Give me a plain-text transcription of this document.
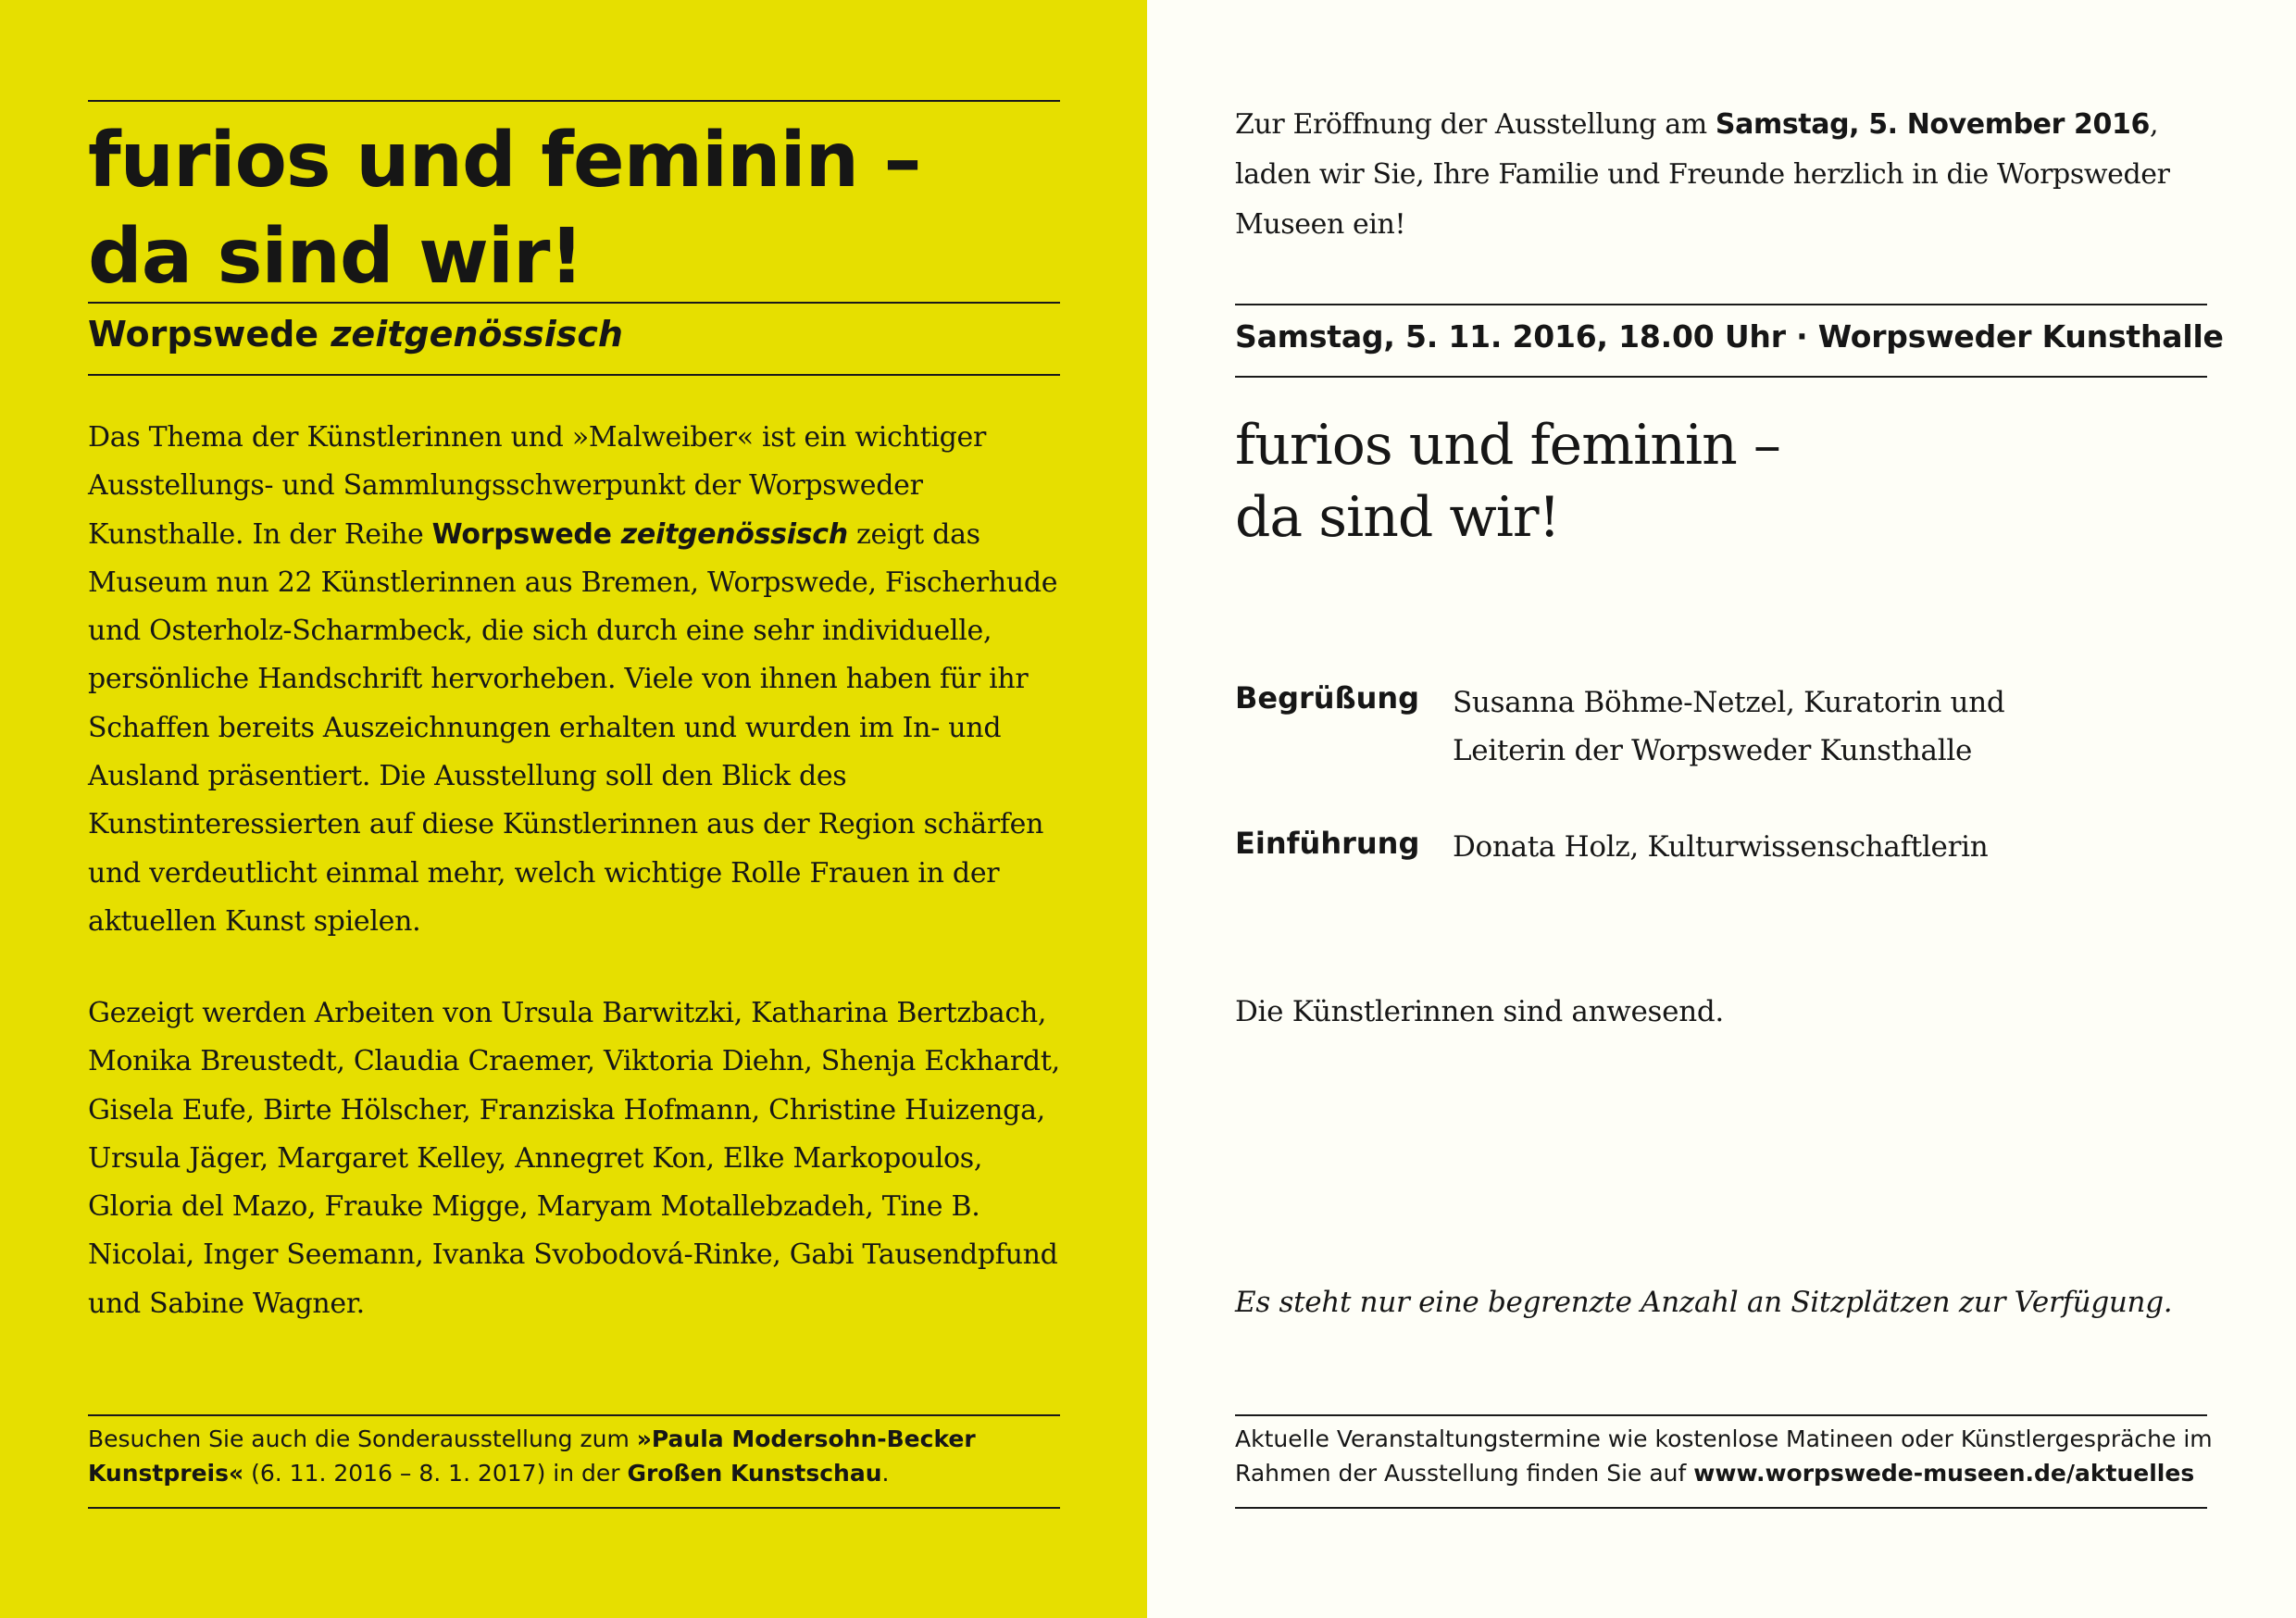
furios und feminin –
da sind wir!
Worpswede zeitgenössisch
Das Thema der Künstlerinnen und »Malweiber« ist ein wichtiger Ausstellungs- und Sammlungsschwerpunkt der Worpsweder Kunsthalle. In der Reihe Worpswede zeitgenössisch zeigt das Museum nun 22 Künstlerinnen aus Bremen, Worpswede, Fischerhude und Osterholz-Scharmbeck, die sich durch eine sehr individuelle, persönliche Handschrift hervorheben. Viele von ihnen haben für ihr Schaffen bereits Auszeichnungen erhalten und wurden im In- und Ausland präsentiert. Die Ausstellung soll den Blick des Kunstinteressierten auf diese Künstlerinnen aus der Region schärfen und verdeutlicht einmal mehr, welch wichtige Rolle Frauen in der aktuellen Kunst spielen.
Gezeigt werden Arbeiten von Ursula Barwitzki, Katharina Bertzbach, Monika Breustedt, Claudia Craemer, Viktoria Diehn, Shenja Eckhardt, Gisela Eufe, Birte Hölscher, Franziska Hofmann, Christine Huizenga, Ursula Jäger, Margaret Kelley, Annegret Kon, Elke Markopoulos, Gloria del Mazo, Frauke Migge, Maryam Motallebzadeh, Tine B. Nicolai, Inger Seemann, Ivanka Svobodová-Rinke, Gabi Tausendpfund und Sabine Wagner.
Besuchen Sie auch die Sonderausstellung zum »Paula Modersohn-Becker Kunstpreis« (6. 11. 2016 – 8. 1. 2017) in der Großen Kunstschau.
Zur Eröffnung der Ausstellung am Samstag, 5. November 2016, laden wir Sie, Ihre Familie und Freunde herzlich in die Worpsweder Museen ein!
Samstag, 5. 11. 2016, 18.00 Uhr · Worpsweder Kunsthalle
furios und feminin –
da sind wir!
Begrüßung Susanna Böhme-Netzel, Kuratorin und Leiterin der Worpsweder Kunsthalle
Einführung Donata Holz, Kulturwissenschaftlerin
Die Künstlerinnen sind anwesend.
Es steht nur eine begrenzte Anzahl an Sitzplätzen zur Verfügung.
Aktuelle Veranstaltungstermine wie kostenlose Matineen oder Künstlergespräche im Rahmen der Ausstellung finden Sie auf www.worpswede-museen.de/aktuelles
